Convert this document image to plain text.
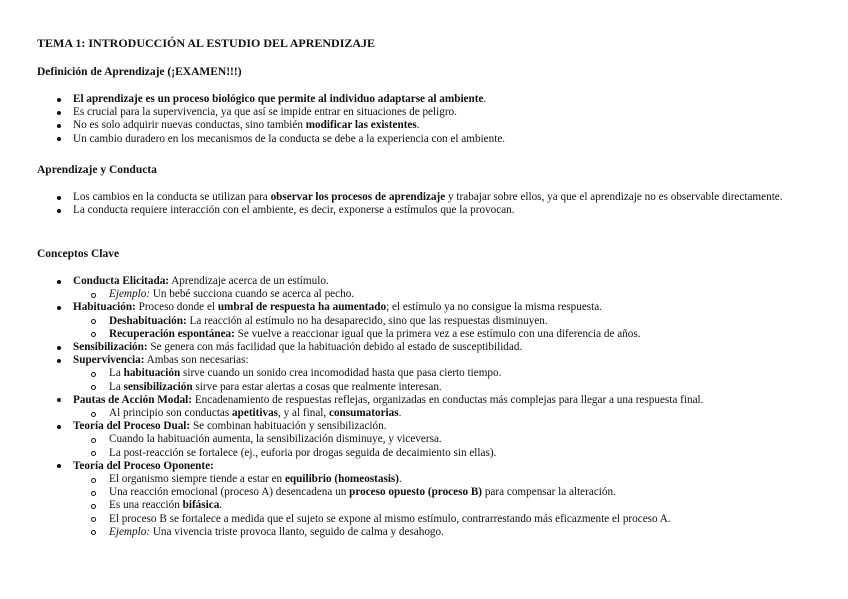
TEMA 1: INTRODUCCIÓN AL ESTUDIO DEL APRENDIZAJE
Definición de Aprendizaje (¡EXAMEN!!!)
El aprendizaje es un proceso biológico que permite al individuo adaptarse al ambiente.
Es crucial para la supervivencia, ya que así se impide entrar en situaciones de peligro.
No es solo adquirir nuevas conductas, sino también modificar las existentes.
Un cambio duradero en los mecanismos de la conducta se debe a la experiencia con el ambiente.
Aprendizaje y Conducta
Los cambios en la conducta se utilizan para observar los procesos de aprendizaje y trabajar sobre ellos, ya que el aprendizaje no es observable directamente.
La conducta requiere interacción con el ambiente, es decir, exponerse a estímulos que la provocan.
Conceptos Clave
Conducta Elicitada: Aprendizaje acerca de un estímulo.
Ejemplo: Un bebé succiona cuando se acerca al pecho.
Habituación: Proceso donde el umbral de respuesta ha aumentado; el estímulo ya no consigue la misma respuesta.
Deshabituación: La reacción al estímulo no ha desaparecido, sino que las respuestas disminuyen.
Recuperación espontánea: Se vuelve a reaccionar igual que la primera vez a ese estímulo con una diferencia de años.
Sensibilización: Se genera con más facilidad que la habituación debido al estado de susceptibilidad.
Supervivencia: Ambas son necesarias:
La habituación sirve cuando un sonido crea incomodidad hasta que pasa cierto tiempo.
La sensibilización sirve para estar alertas a cosas que realmente interesan.
Pautas de Acción Modal: Encadenamiento de respuestas reflejas, organizadas en conductas más complejas para llegar a una respuesta final.
Al principio son conductas apetitivas, y al final, consumatorias.
Teoría del Proceso Dual: Se combinan habituación y sensibilización.
Cuando la habituación aumenta, la sensibilización disminuye, y viceversa.
La post-reacción se fortalece (ej., euforia por drogas seguida de decaimiento sin ellas).
Teoría del Proceso Oponente:
El organismo siempre tiende a estar en equilibrio (homeostasis).
Una reacción emocional (proceso A) desencadena un proceso opuesto (proceso B) para compensar la alteración.
Es una reacción bifásica.
El proceso B se fortalece a medida que el sujeto se expone al mismo estímulo, contrarrestando más eficazmente el proceso A.
Ejemplo: Una vivencia triste provoca llanto, seguido de calma y desahogo.
